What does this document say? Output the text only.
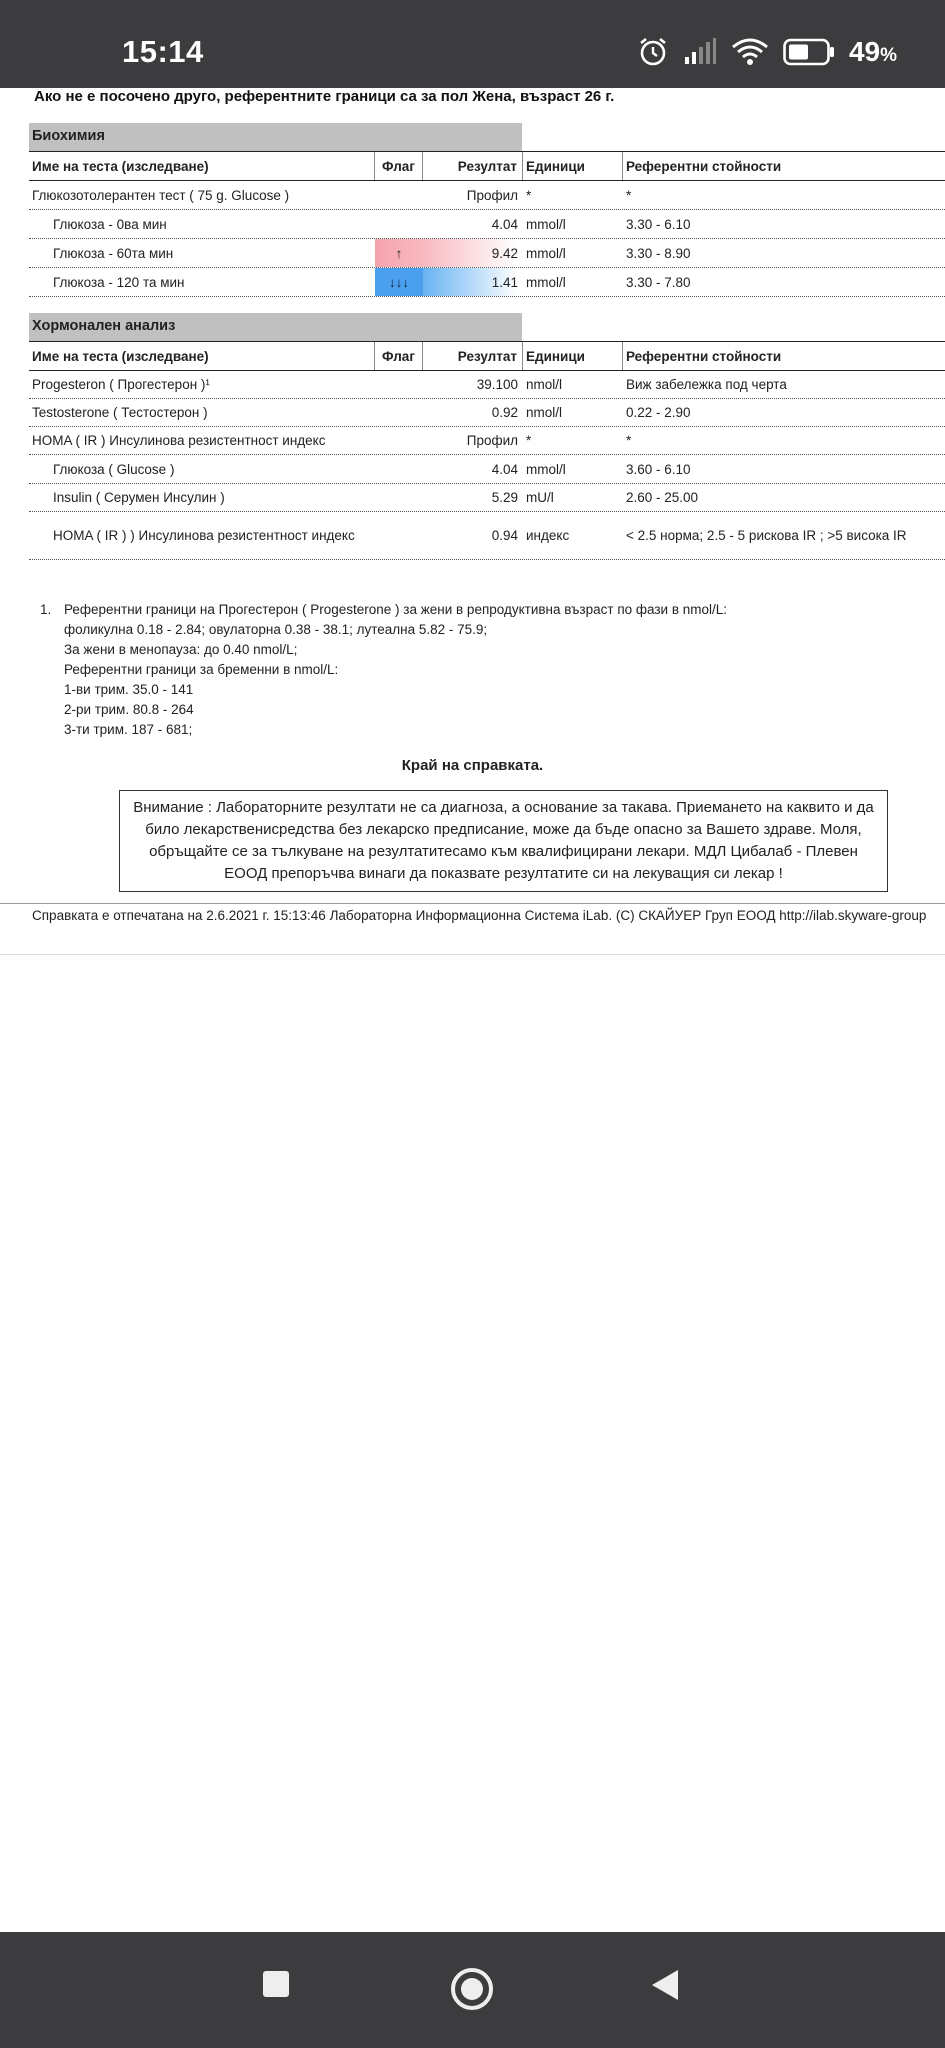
15:14	49%
Ако не е посочено друго, референтните граници са за пол Жена, възраст 26 г.
Биохимия
Име на теста (изследване)	Флаг	Резултат Единици	Референтни стойности
Глюкозотолерантен тест ( 75 g. Glucose )	Профил *	*
Глюкоза - 0ва мин	4.04 mmol/l	3.30 - 6.10
Глюкоза - 60та мин	↑	9.42 mmol/l	3.30 - 8.90
Глюкоза - 120 та мин	↓↓↓	1.41 mmol/l	3.30 - 7.80
Хормонален анализ
Име на теста (изследване)	Флаг	Резултат Единици	Референтни стойности
Progesteron ( Прогестерон )¹	39.100 nmol/l	Виж забележка под черта
Testosterone ( Тестостерон )	0.92 nmol/l	0.22 - 2.90
HOMA ( IR ) Инсулинова резистентност индекс	Профил *	*
Глюкоза ( Glucose )	4.04 mmol/l	3.60 - 6.10
Insulin ( Серумен Инсулин )	5.29 mU/l	2.60 - 25.00
HOMA ( IR ) ) Инсулинова резистентност индекс	0.94 индекс	< 2.5 норма; 2.5 - 5 рискова IR ; >5 висока IR
1. Референтни граници на Прогестерон ( Progesterone ) за жени в репродуктивна възраст по фази в nmol/L:
фоликулна 0.18 - 2.84; овулаторна 0.38 - 38.1; лутеална 5.82 - 75.9;
За жени в менопауза: до 0.40 nmol/L;
Референтни граници за бременни в nmol/L:
1-ви трим. 35.0 - 141
2-ри трим. 80.8 - 264
3-ти трим. 187 - 681;
Край на справката.
Внимание : Лабораторните резултати не са диагноза, а основание за такава. Приемането на каквито и да било лекарственисредства без лекарско предписание, може да бъде опасно за Вашето здраве. Моля, обръщайте се за тълкуване на резултатитесамо към квалифицирани лекари. МДЛ Цибалаб - Плевен ЕООД препоръчва винаги да показвате резултатите си на лекуващия си лекар !
Справката е отпечатана на 2.6.2021 г. 15:13:46 Лабораторна Информационна Система iLab. (C) СКАЙУЕР Груп ЕООД http://ilab.skyware-group
